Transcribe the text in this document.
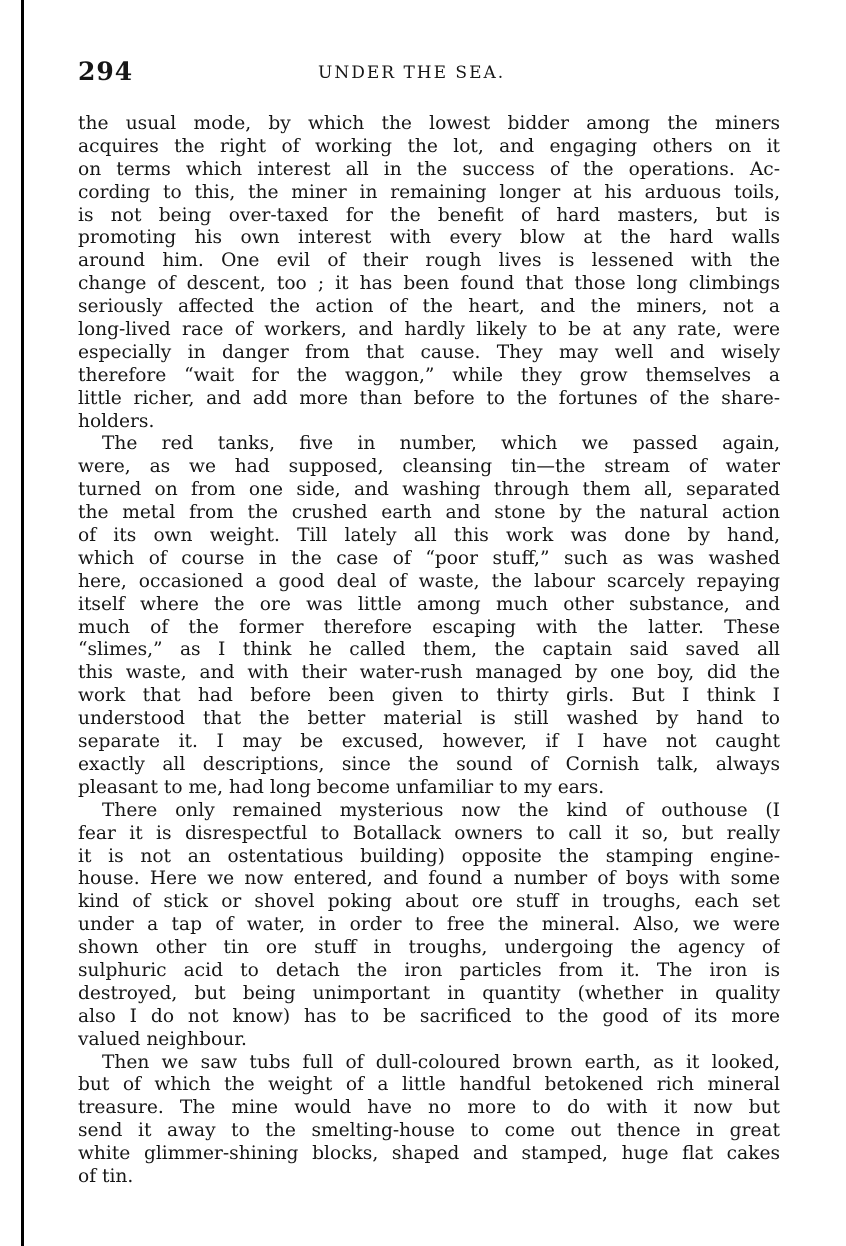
294	UNDER THE SEA.
the usual mode, by which the lowest bidder among the miners
acquires the right of working the lot, and engaging others on it
on terms which interest all in the success of the operations. Ac-
cording to this, the miner in remaining longer at his arduous toils,
is not being over-taxed for the benefit of hard masters, but is
promoting his own interest with every blow at the hard walls
around him. One evil of their rough lives is lessened with the
change of descent, too ; it has been found that those long climbings
seriously affected the action of the heart, and the miners, not a
long-lived race of workers, and hardly likely to be at any rate, were
especially in danger from that cause. They may well and wisely
therefore “wait for the waggon,” while they grow themselves a
little richer, and add more than before to the fortunes of the share-
holders.
The red tanks, five in number, which we passed again,
were, as we had supposed, cleansing tin—the stream of water
turned on from one side, and washing through them all, separated
the metal from the crushed earth and stone by the natural action
of its own weight. Till lately all this work was done by hand,
which of course in the case of “poor stuff,” such as was washed
here, occasioned a good deal of waste, the labour scarcely repaying
itself where the ore was little among much other substance, and
much of the former therefore escaping with the latter. These
“slimes,” as I think he called them, the captain said saved all
this waste, and with their water-rush managed by one boy, did the
work that had before been given to thirty girls. But I think I
understood that the better material is still washed by hand to
separate it. I may be excused, however, if I have not caught
exactly all descriptions, since the sound of Cornish talk, always
pleasant to me, had long become unfamiliar to my ears.
There only remained mysterious now the kind of outhouse (I
fear it is disrespectful to Botallack owners to call it so, but really
it is not an ostentatious building) opposite the stamping engine-
house. Here we now entered, and found a number of boys with some
kind of stick or shovel poking about ore stuff in troughs, each set
under a tap of water, in order to free the mineral. Also, we were
shown other tin ore stuff in troughs, undergoing the agency of
sulphuric acid to detach the iron particles from it. The iron is
destroyed, but being unimportant in quantity (whether in quality
also I do not know) has to be sacrificed to the good of its more
valued neighbour.
Then we saw tubs full of dull-coloured brown earth, as it looked,
but of which the weight of a little handful betokened rich mineral
treasure. The mine would have no more to do with it now but
send it away to the smelting-house to come out thence in great
white glimmer-shining blocks, shaped and stamped, huge flat cakes
of tin.
